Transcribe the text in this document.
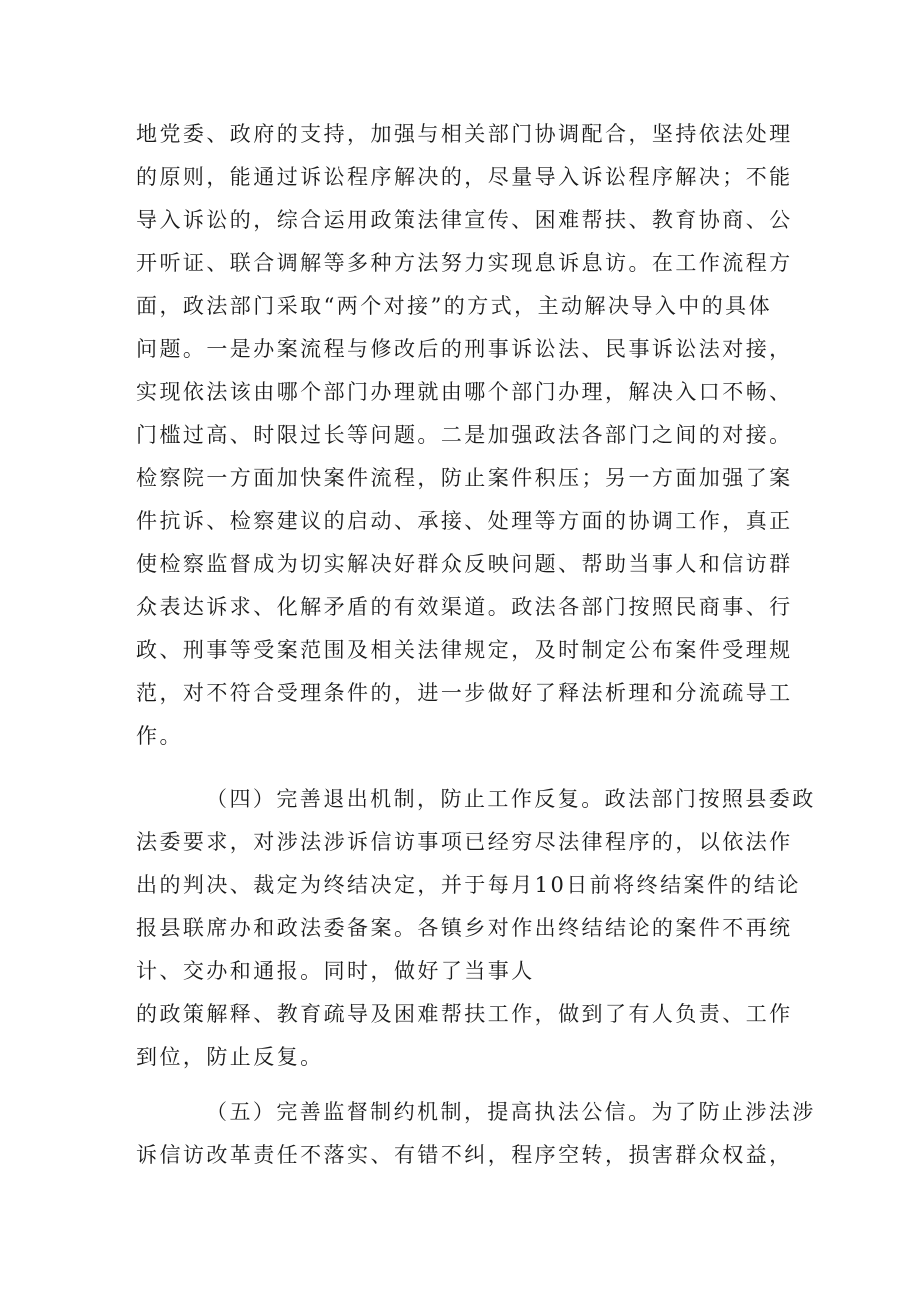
地党委、政府的支持，加强与相关部门协调配合，坚持依法处理
的原则，能通过诉讼程序解决的，尽量导入诉讼程序解决；不能
导入诉讼的，综合运用政策法律宣传、困难帮扶、教育协商、公
开听证、联合调解等多种方法努力实现息诉息访。在工作流程方
面，政法部门采取“两个对接”的方式，主动解决导入中的具体
问题。一是办案流程与修改后的刑事诉讼法、民事诉讼法对接，
实现依法该由哪个部门办理就由哪个部门办理，解决入口不畅、
门槛过高、时限过长等问题。二是加强政法各部门之间的对接。
检察院一方面加快案件流程，防止案件积压；另一方面加强了案
件抗诉、检察建议的启动、承接、处理等方面的协调工作，真正
使检察监督成为切实解决好群众反映问题、帮助当事人和信访群
众表达诉求、化解矛盾的有效渠道。政法各部门按照民商事、行
政、刑事等受案范围及相关法律规定，及时制定公布案件受理规
范，对不符合受理条件的，进一步做好了释法析理和分流疏导工
作。
（四）完善退出机制，防止工作反复。政法部门按照县委政
法委要求，对涉法涉诉信访事项已经穷尽法律程序的，以依法作
出的判决、裁定为终结决定，并于每月10日前将终结案件的结论
报县联席办和政法委备案。各镇乡对作出终结结论的案件不再统
计、交办和通报。同时，做好了当事人
的政策解释、教育疏导及困难帮扶工作，做到了有人负责、工作
到位，防止反复。
（五）完善监督制约机制，提高执法公信。为了防止涉法涉
诉信访改革责任不落实、有错不纠，程序空转，损害群众权益，
